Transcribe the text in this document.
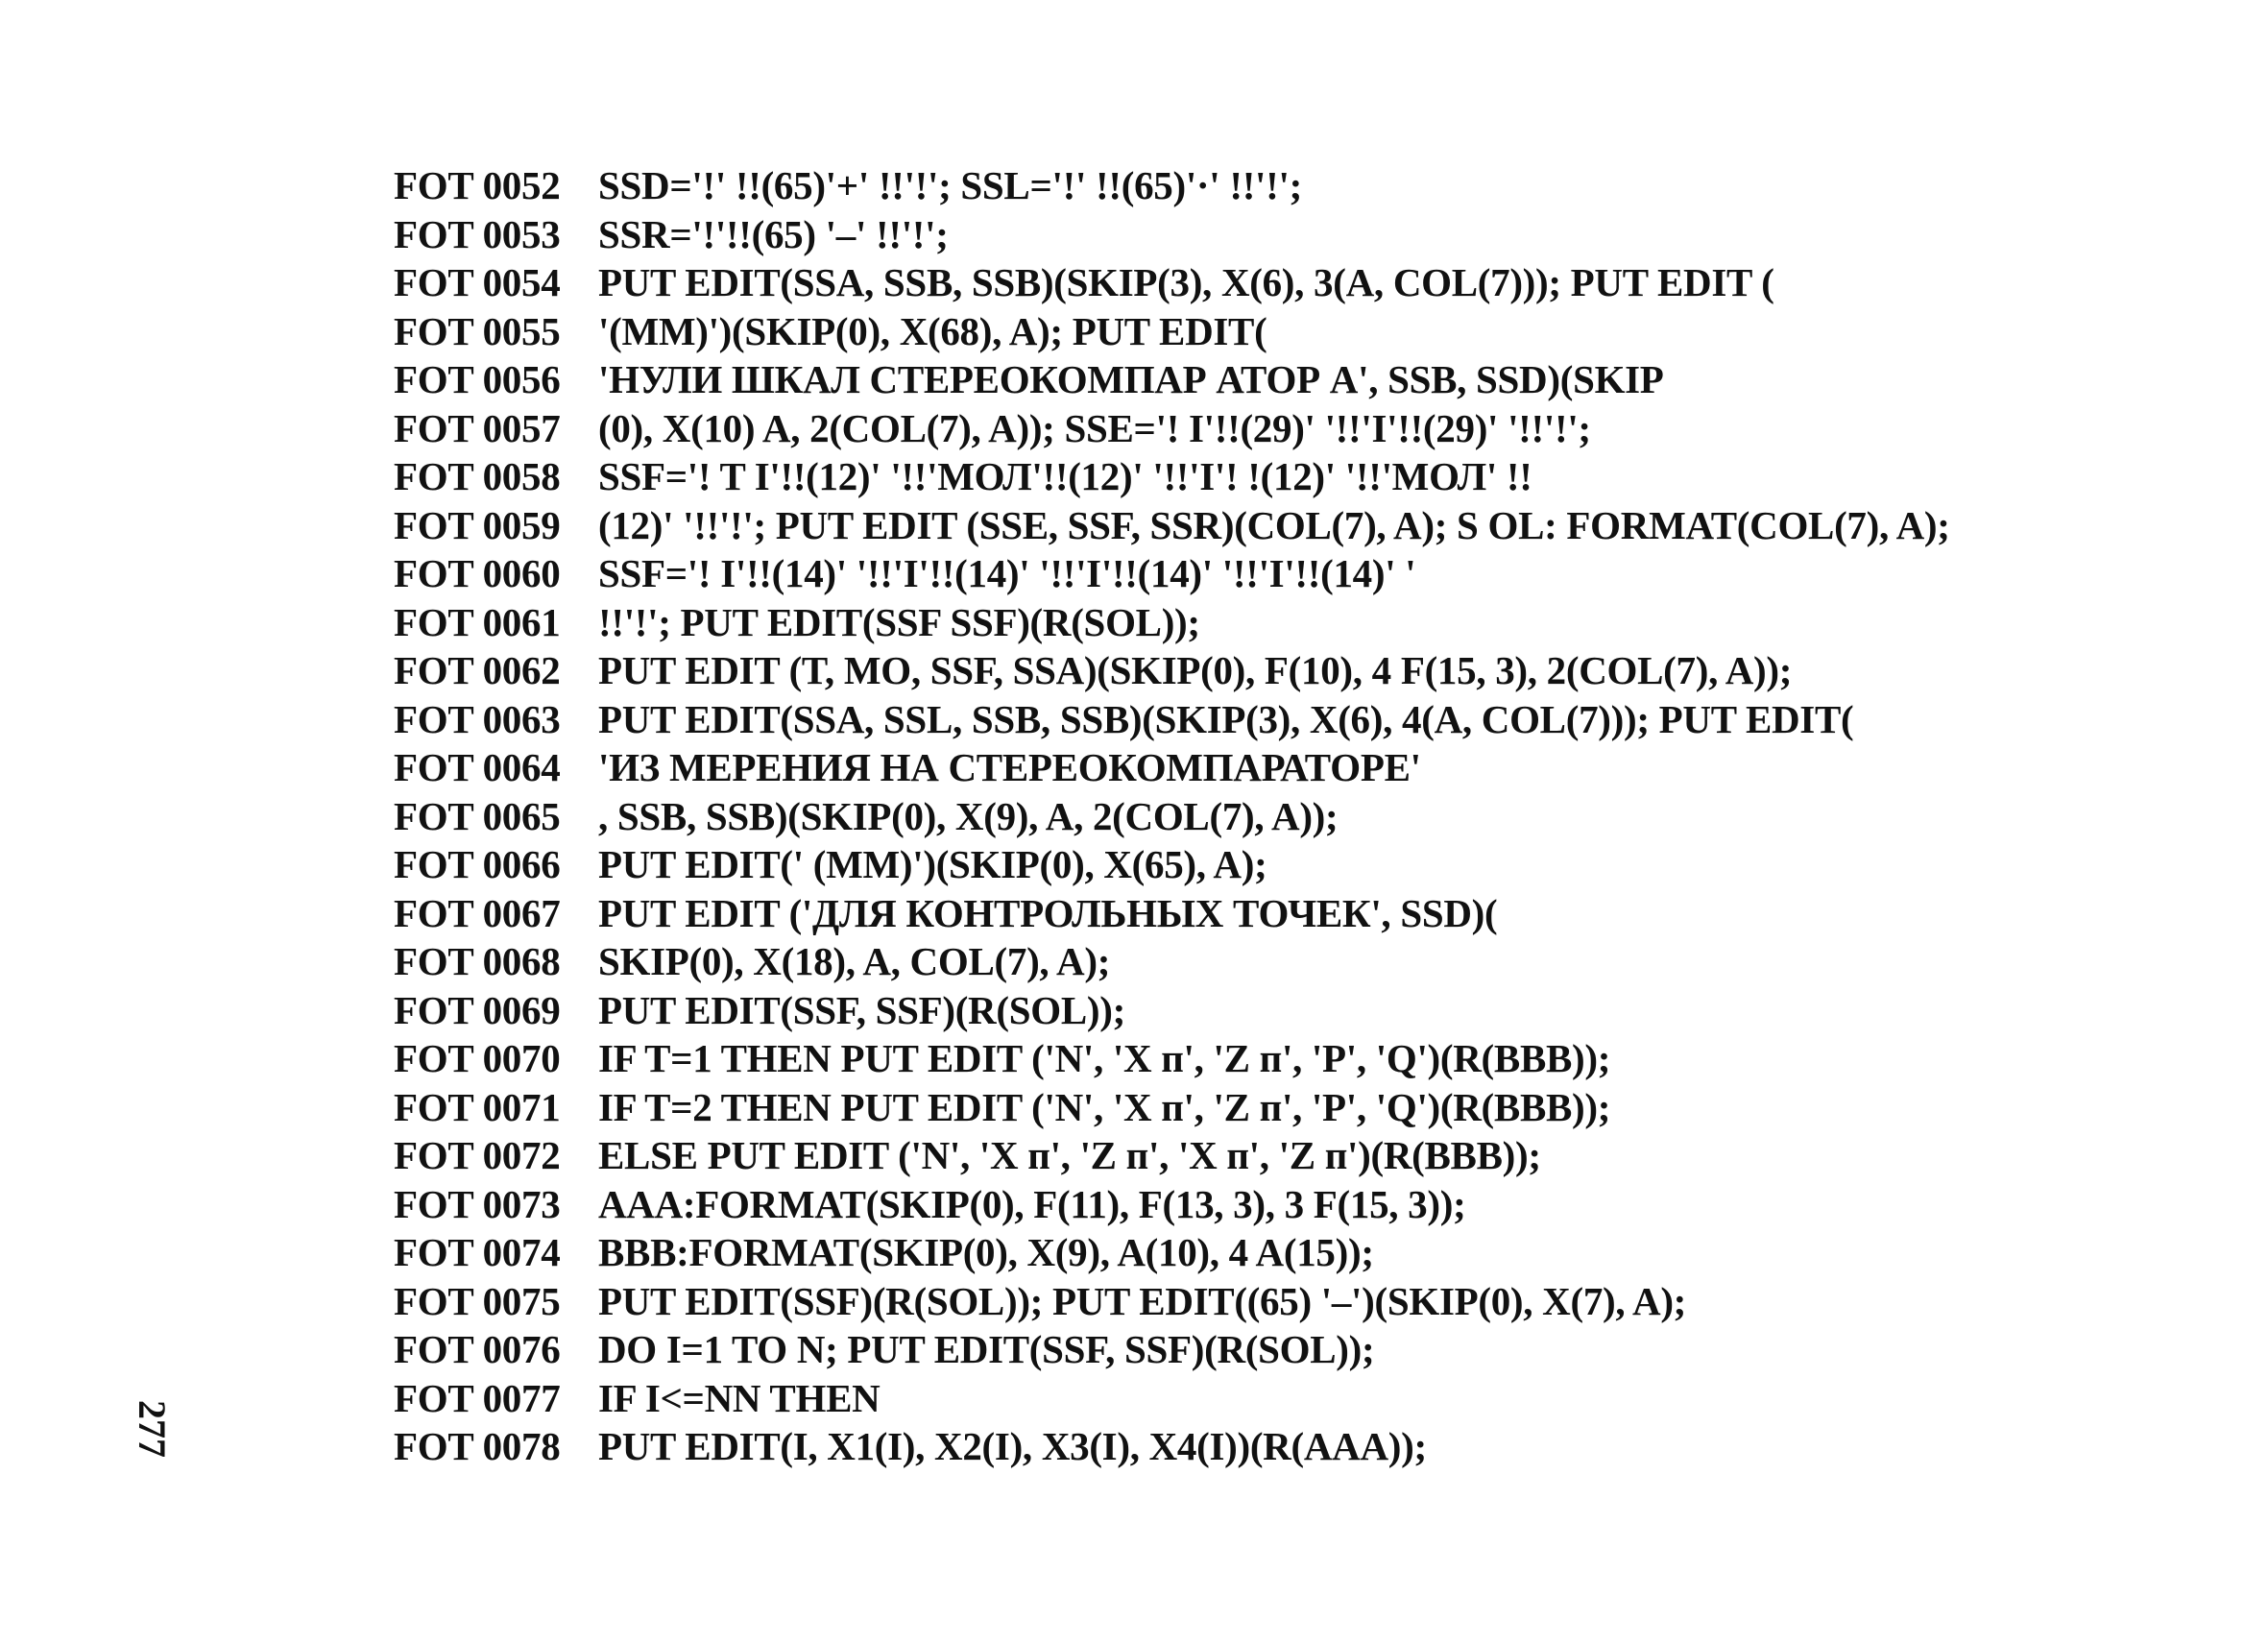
FOT 0052 SSD='!' !!(65)'+' !!'!'; SSL='!' !!(65)'·' !!'!';
FOT 0053 SSR='!'!!(65) '–' !!'!';
FOT 0054 PUT EDIT(SSA, SSB, SSB)(SKIP(3), X(6), 3(A, COL(7))); PUT EDIT (
FOT 0055 '(MM)')(SKIP(0), X(68), A); PUT EDIT(
FOT 0056 'НУЛИ ШКАЛ СТЕРЕОКОМПАР АТОР А', SSB, SSD)(SKIP
FOT 0057 (0), X(10) A, 2(COL(7), A)); SSE='! I'!!(29)' '!!'I'!!(29)' '!!'!';
FOT 0058 SSF='! T I'!!(12)' '!!'MОЛ'!!(12)' '!!'I'! !(12)' '!!'МОЛ' !!
FOT 0059 (12)' '!!'!'; PUT EDIT (SSE, SSF, SSR)(COL(7), A); S OL: FORMAT(COL(7), A);
FOT 0060 SSF='! I'!!(14)' '!!'I'!!(14)' '!!'I'!!(14)' '!!'I'!!(14)' '
FOT 0061 !!'!'; PUT EDIT(SSF SSF)(R(SOL));
FOT 0062 PUT EDIT (T, MO, SSF, SSA)(SKIP(0), F(10), 4 F(15, 3), 2(COL(7), A));
FOT 0063 PUT EDIT(SSA, SSL, SSB, SSB)(SKIP(3), X(6), 4(A, COL(7))); PUT EDIT(
FOT 0064 'ИЗ МЕРЕНИЯ НА СТЕРЕОКОМПАРАТОРЕ'
FOT 0065 , SSB, SSB)(SKIP(0), X(9), A, 2(COL(7), A));
FOT 0066 PUT EDIT(' (MM)')(SKIP(0), X(65), A);
FOT 0067 PUT EDIT ('ДЛЯ КОНТРОЛЬНЫХ ТОЧЕК', SSD)(
FOT 0068 SKIP(0), X(18), A, COL(7), A);
FOT 0069 PUT EDIT(SSF, SSF)(R(SOL));
FOT 0070 IF T=1 THEN PUT EDIT ('N', 'X п', 'Z п', 'P', 'Q')(R(BBB));
FOT 0071 IF T=2 THEN PUT EDIT ('N', 'X п', 'Z п', 'P', 'Q')(R(BBB));
FOT 0072 ELSE PUT EDIT ('N', 'X п', 'Z п', 'X п', 'Z п')(R(BBB));
FOT 0073 AAA:FORMAT(SKIP(0), F(11), F(13, 3), 3 F(15, 3));
FOT 0074 BBB:FORMAT(SKIP(0), X(9), A(10), 4 A(15));
FOT 0075 PUT EDIT(SSF)(R(SOL)); PUT EDIT((65) '–')(SKIP(0), X(7), A);
FOT 0076 DO I=1 TO N; PUT EDIT(SSF, SSF)(R(SOL));
FOT 0077 IF I<=NN THEN
FOT 0078 PUT EDIT(I, X1(I), X2(I), X3(I), X4(I))(R(AAA));
277
